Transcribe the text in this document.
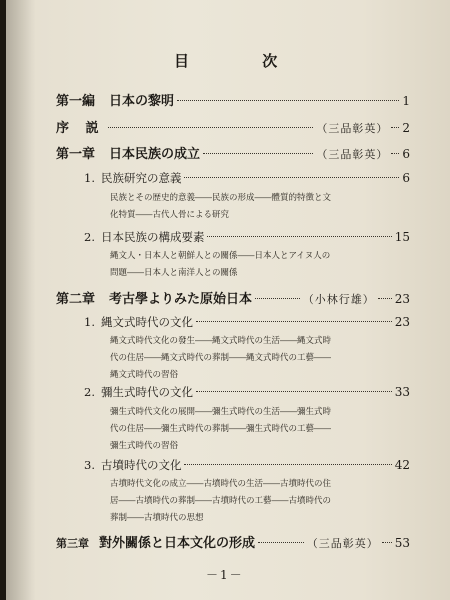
目 次
第一編 日本の黎明	1
序 説	（三品彰英） 2
第一章 日本民族の成立	（三品彰英） 6
1. 民族研究の意義	6
民族とその歴史的意義――民族の形成――體質的特徴と文
化特質――古代人骨による研究
2. 日本民族の構成要素	15
縄文人・日本人と朝鮮人との關係――日本人とアイヌ人の
問題――日本人と南洋人との關係
第二章 考古學よりみた原始日本	（小林行雄） 23
1. 縄文式時代の文化	23
縄文式時代文化の發生――縄文式時代の生活――縄文式時
代の住居――縄文式時代の葬制――縄文式時代の工藝――
縄文式時代の習俗
2. 彌生式時代の文化	33
彌生式時代文化の展開――彌生式時代の生活――彌生式時
代の住居――彌生式時代の葬制――彌生式時代の工藝――
彌生式時代の習俗
3. 古墳時代の文化	42
古墳時代文化の成立――古墳時代の生活――古墳時代の住
居――古墳時代の葬制――古墳時代の工藝――古墳時代の
葬制――古墳時代の思想
第三章 對外關係と日本文化の形成	（三品彰英） 53
－1－
